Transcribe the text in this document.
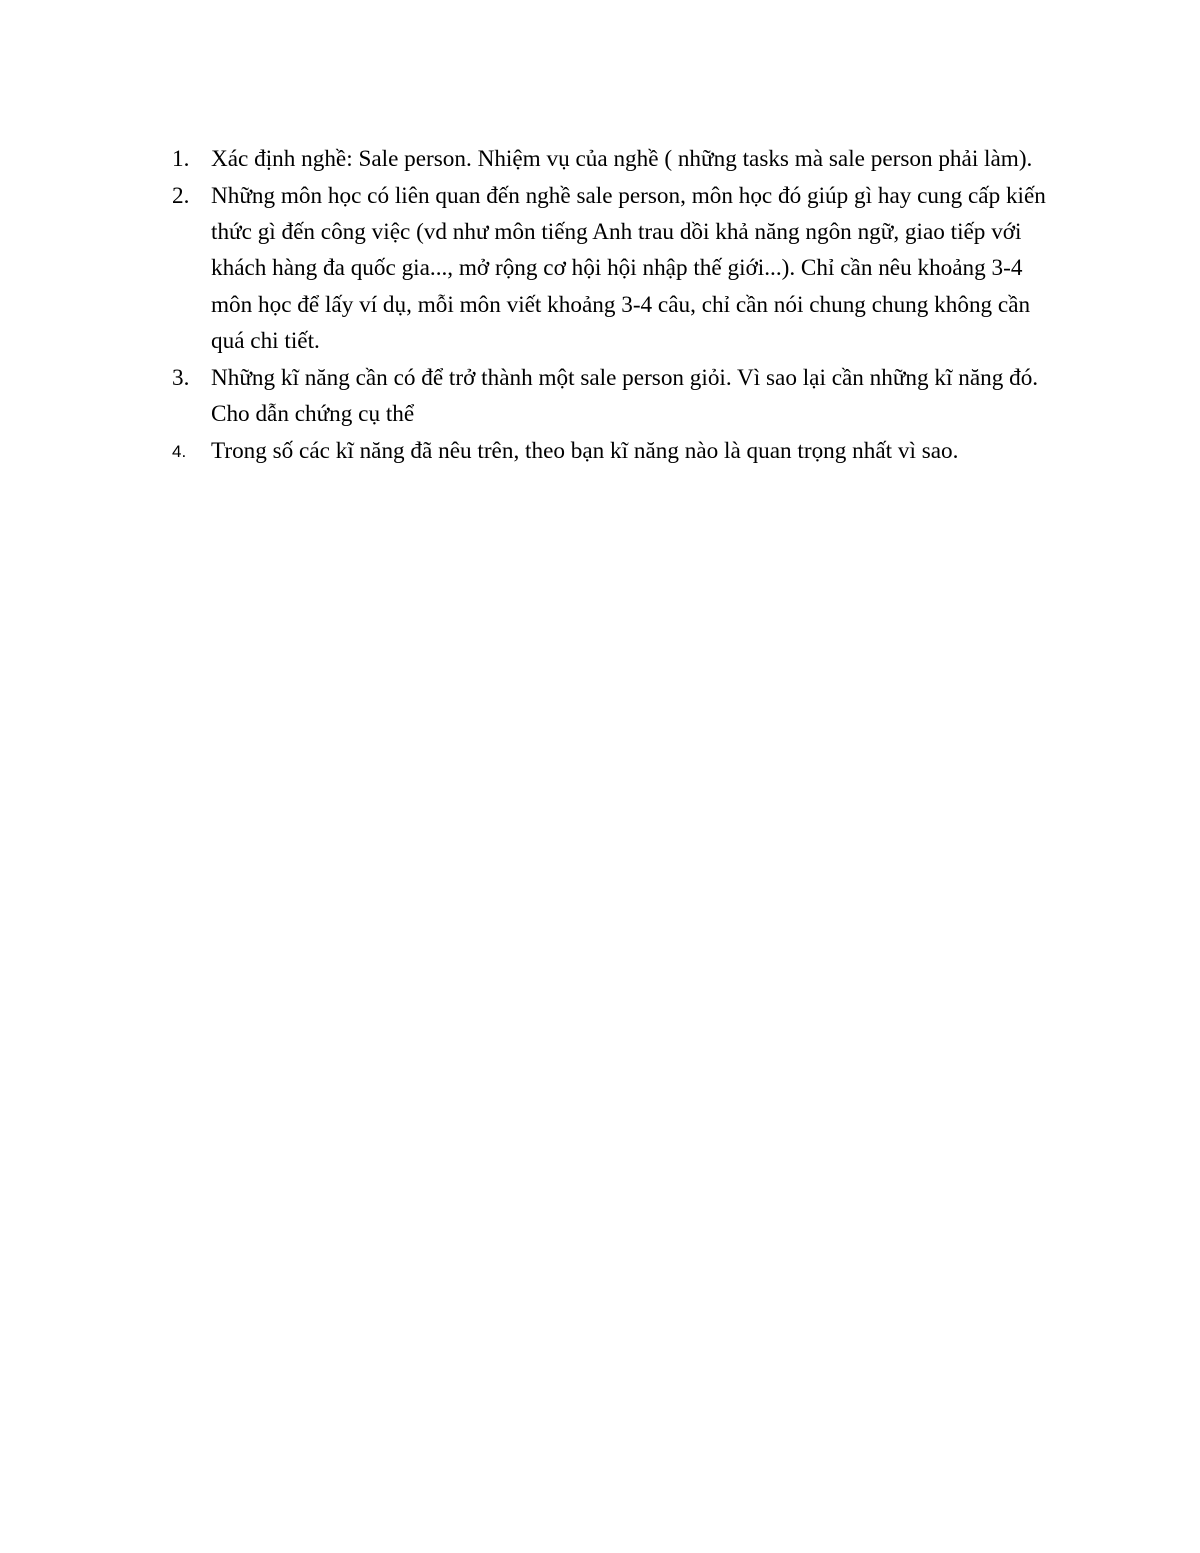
1. Xác định nghề: Sale person. Nhiệm vụ của nghề ( những tasks mà sale person phải làm).
2. Những môn học có liên quan đến nghề sale person, môn học đó giúp gì hay cung cấp kiến thức gì đến công việc (vd như môn tiếng Anh trau dồi khả năng ngôn ngữ, giao tiếp với khách hàng đa quốc gia..., mở rộng cơ hội hội nhập thế giới...). Chỉ cần nêu khoảng 3-4 môn học để lấy ví dụ, mỗi môn viết khoảng 3-4 câu, chỉ cần nói chung chung không cần quá chi tiết.
3. Những kĩ năng cần có để trở thành một sale person giỏi. Vì sao lại cần những kĩ năng đó. Cho dẫn chứng cụ thể
4.	Trong số các kĩ năng đã nêu trên, theo bạn kĩ năng nào là quan trọng nhất vì sao.
